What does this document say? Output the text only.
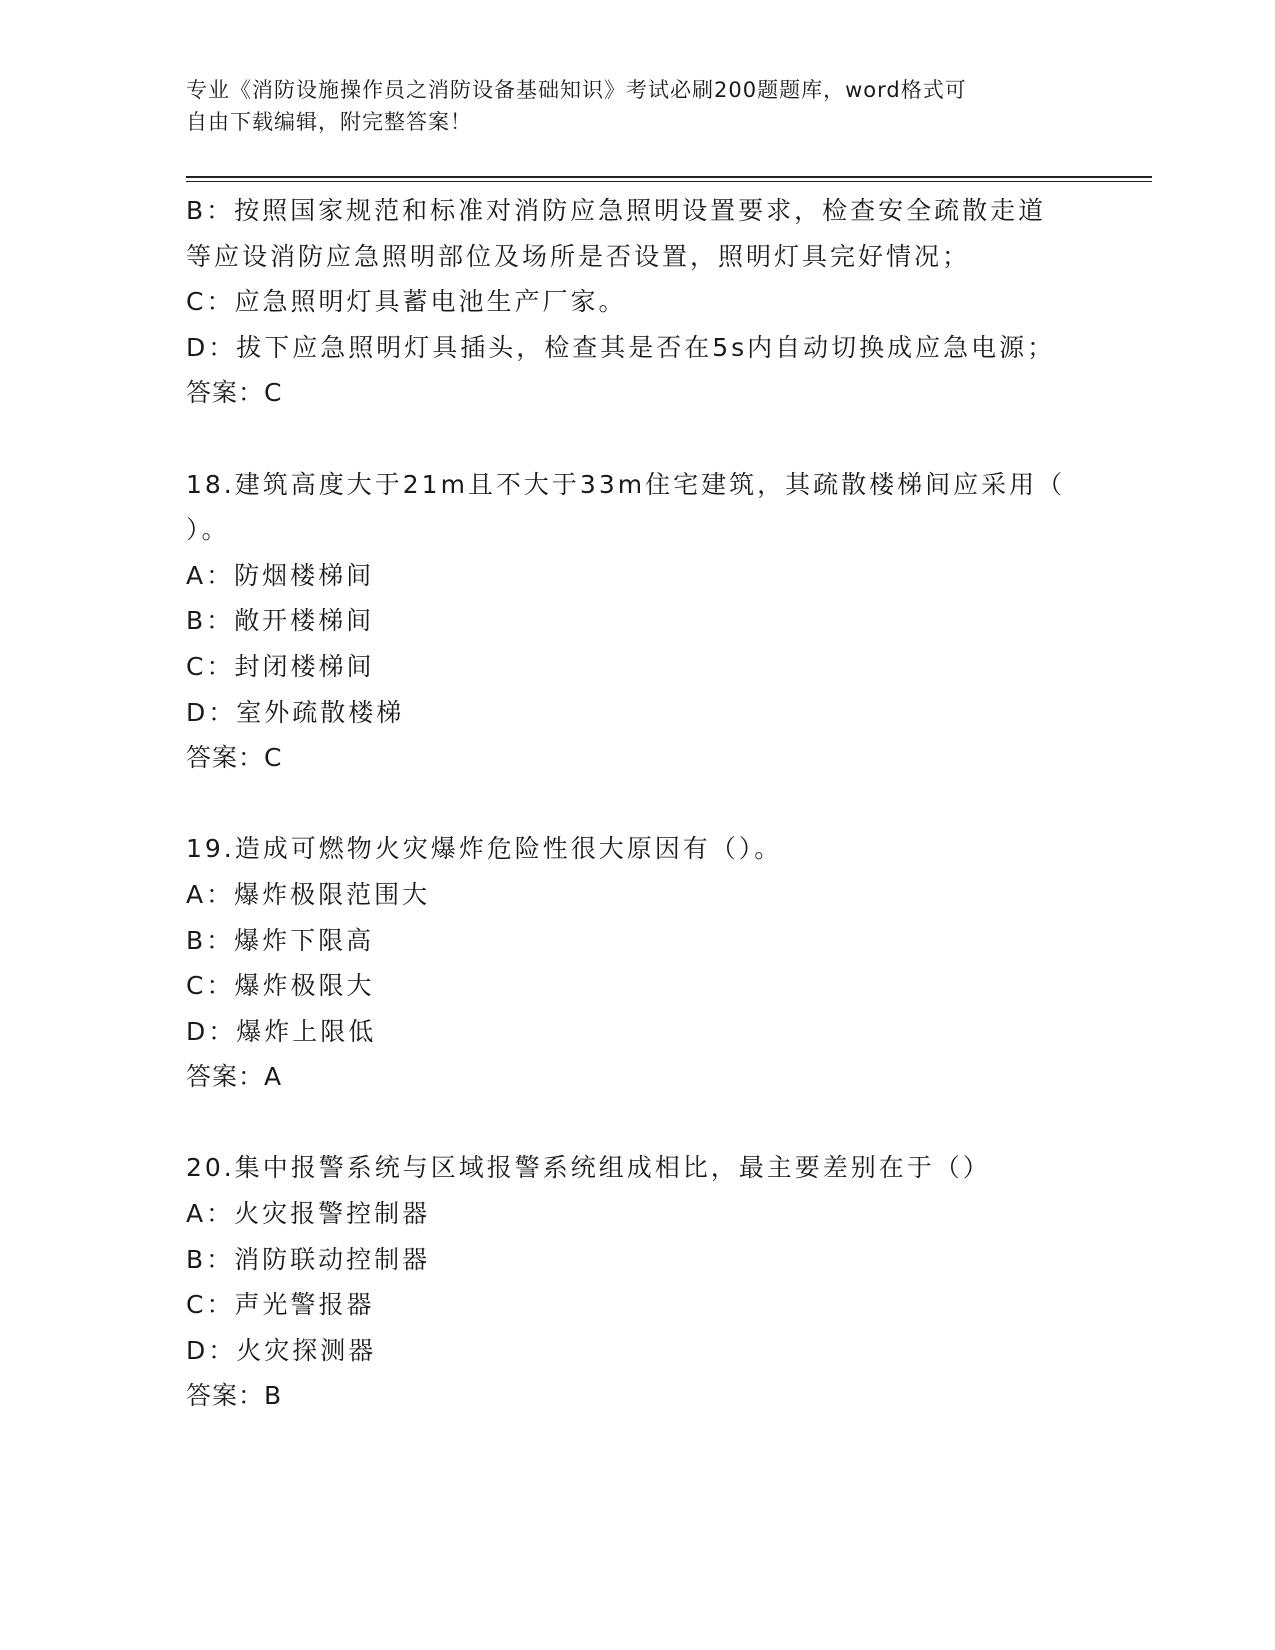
专业《消防设施操作员之消防设备基础知识》考试必刷200题题库，word格式可
自由下载编辑，附完整答案！
B：按照国家规范和标准对消防应急照明设置要求，检查安全疏散走道
等应设消防应急照明部位及场所是否设置，照明灯具完好情况；
C：应急照明灯具蓄电池生产厂家。
D：拔下应急照明灯具插头，检查其是否在5s内自动切换成应急电源；
答案：C
18.建筑高度大于21m且不大于33m住宅建筑，其疏散楼梯间应采用（
）。
A：防烟楼梯间
B：敞开楼梯间
C：封闭楼梯间
D：室外疏散楼梯
答案：C
19.造成可燃物火灾爆炸危险性很大原因有（）。
A：爆炸极限范围大
B：爆炸下限高
C：爆炸极限大
D：爆炸上限低
答案：A
20.集中报警系统与区域报警系统组成相比，最主要差别在于（）
A：火灾报警控制器
B：消防联动控制器
C：声光警报器
D：火灾探测器
答案：B
